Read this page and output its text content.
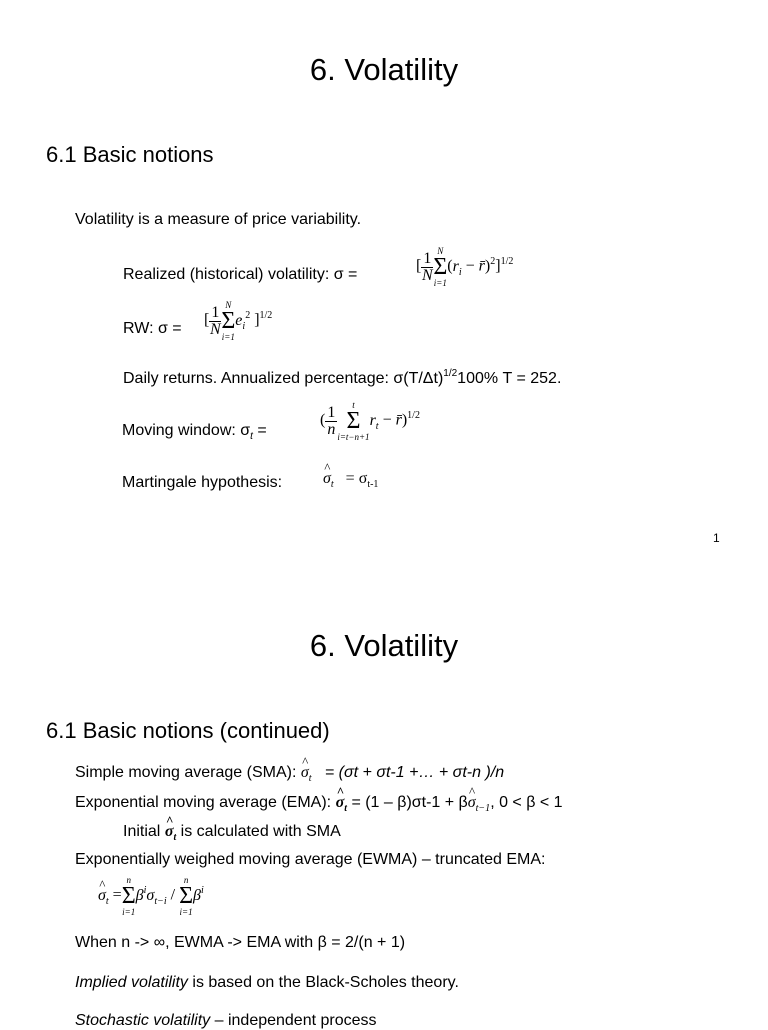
6. Volatility
6.1 Basic notions
Volatility is a measure of price variability.
Realized (historical) volatility: σ =	[ $\frac{1}{N}$ N
Σ
i=1
($r_i$ − r̄)$^2$]$^{1/2}$
RW: σ = [ $\frac{1}{N}$ N
Σ
i=1
$e_i^2$ ]$^{1/2}$
Daily returns. Annualized percentage: $\sigma(T/\Delta t)^{1/2}100\%$ T = 252.
Moving window: $\sigma_t$ =
( $\frac{1}{n}$	t
Σ
i=t−n+1
$r_t$ − r̄)$^{1/2}$
Martingale hypothesis:	^ $\sigma_t = \sigma_{t-1}$
1
6. Volatility
6.1 Basic notions (continued)
Simple moving average (SMA): ^ $\sigma_t = (\sigma t + \sigma t-1$ +… + σt-n )/n
Exponential moving average (EMA): ^ $\sigma_t = (1 - \beta)\sigma t-1$ + β^ $\sigma_{t-1}$, 0 < β < 1
Initial ^ $\sigma_t$ is calculated with SMA
Exponentially weighed moving average (EWMA) – truncated EMA:
^ $\sigma_t$ =
n
Σ
i=1
$\beta^i\sigma_{t-i}$ /
n
Σ
i=1
$\beta^i$
When n -> ∞, EWMA -> EMA with β = 2/(n + 1)
Implied volatility is based on the Black-Scholes theory.
Stochastic volatility – independent process
